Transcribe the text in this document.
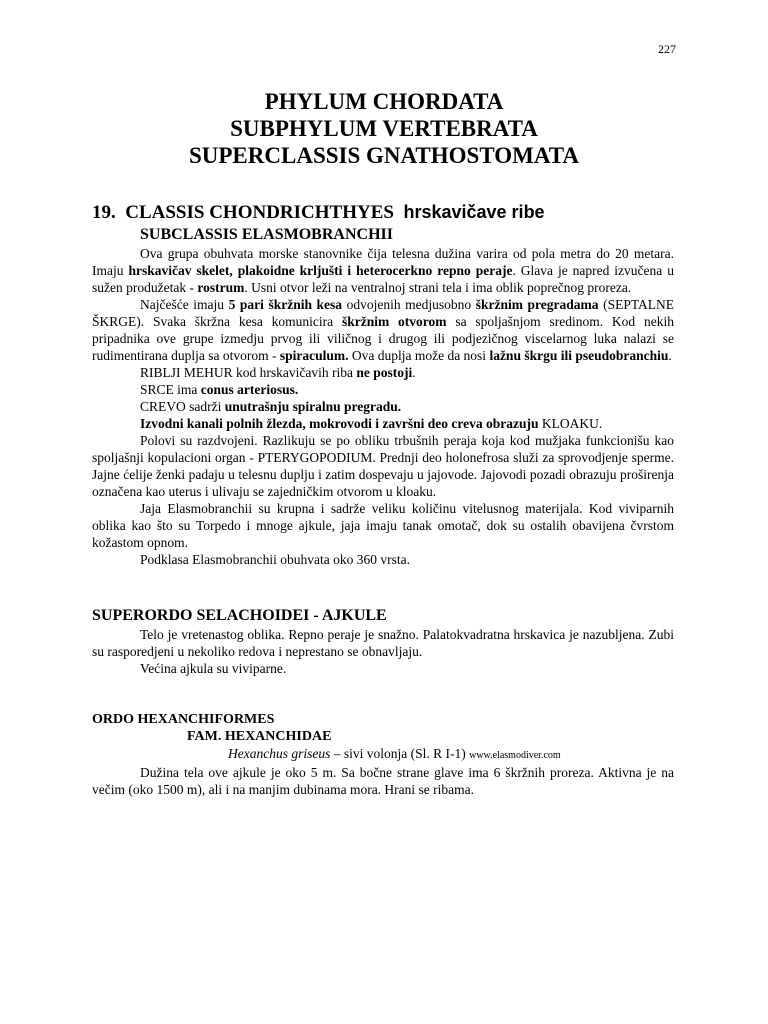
227
PHYLUM CHORDATA
SUBPHYLUM VERTEBRATA
SUPERCLASSIS GNATHOSTOMATA

19. CLASSIS CHONDRICHTHYES hrskavičave ribe

SUBCLASSIS ELASMOBRANCHII

Ova grupa obuhvata morske stanovnike čija telesna dužina varira od pola metra do 20 metara. Imaju hrskavičav skelet, plakoidne krljušti i heterocerkno repno peraje. Glava je napred izvučena u sužen produžetak - rostrum. Usni otvor leži na ventralnoj strani tela i ima oblik poprečnog proreza.

Najčešće imaju 5 pari škržnih kesa odvojenih medjusobno škržnim pregradama (SEPTALNE ŠKRGE). Svaka škržna kesa komunicira škržnim otvorom sa spoljašnjom sredinom. Kod nekih pripadnika ove grupe izmedju prvog ili viličnog i drugog ili podjezičnog viscelarnog luka nalazi se rudimentirana duplja sa otvorom - spiraculum. Ova duplja može da nosi lažnu škrgu ili pseudobranchiu.

RIBLJI MEHUR kod hrskavičavih riba ne postoji.

SRCE ima conus arteriosus.

CREVO sadrži unutrašnju spiralnu pregradu.

Izvodni kanali polnih žlezda, mokrovodi i završni deo creva obrazuju KLOAKU.

Polovi su razdvojeni. Razlikuju se po obliku trbušnih peraja koja kod mužjaka funkcionišu kao spoljašnji kopulacioni organ - PTERYGOPODIUM. Prednji deo holonefrosa služi za sprovodjenje sperme. Jajne ćelije ženki padaju u telesnu duplju i zatim dospevaju u jajovode. Jajovodi pozadi obrazuju proširenja označena kao uterus i ulivaju se zajedničkim otvorom u kloaku.

Jaja Elasmobranchii su krupna i sadrže veliku količinu vitelusnog materijala. Kod viviparnih oblika kao što su Torpedo i mnoge ajkule, jaja imaju tanak omotač, dok su ostalih obavijena čvrstom kožastom opnom.

Podklasa Elasmobranchii obuhvata oko 360 vrsta.

SUPERORDO SELACHOIDEI - AJKULE

Telo je vretenastog oblika. Repno peraje je snažno. Palatokvadratna hrskavica je nazubljena. Zubi su rasporedjeni u nekoliko redova i neprestano se obnavljaju.

Većina ajkula su viviparne.

ORDO HEXANCHIFORMES

FAM. HEXANCHIDAE

Hexanchus griseus – sivi volonja (Sl. R I-1) www.elasmodiver.com

Dužina tela ove ajkule je oko 5 m. Sa bočne strane glave ima 6 škržnih proreza. Aktivna je na večim (oko 1500 m), ali i na manjim dubinama mora. Hrani se ribama.
